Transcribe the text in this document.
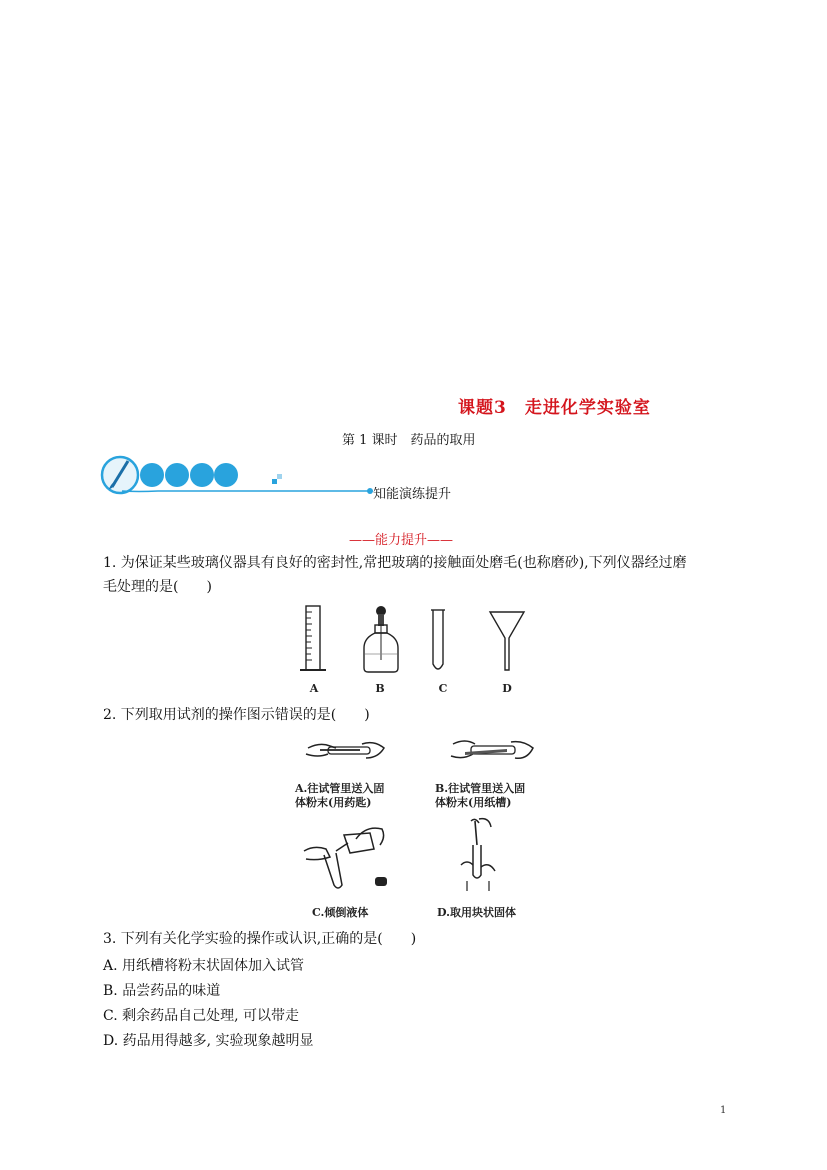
课题3　走进化学实验室
第 1 课时　药品的取用
知能演练提升
——能力提升——
1. 为保证某些玻璃仪器具有良好的密封性,常把玻璃的接触面处磨毛(也称磨砂),下列仪器经过磨
毛处理的是(　　)
A	B	C	D
2. 下列取用试剂的操作图示错误的是(　　)
A.往试管里送入固
体粉末(用药匙)
B.往试管里送入固
体粉末(用纸槽)
C.倾倒液体	D.取用块状固体
3. 下列有关化学实验的操作或认识,正确的是(　　)
A. 用纸槽将粉末状固体加入试管
B. 品尝药品的味道
C. 剩余药品自己处理, 可以带走
D. 药品用得越多, 实验现象越明显
1
